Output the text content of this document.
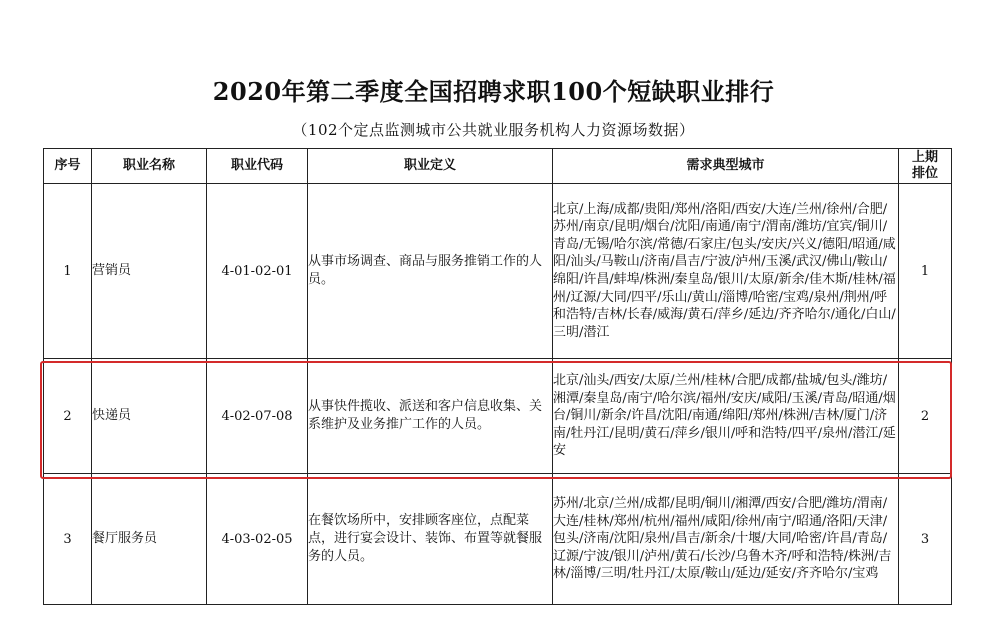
2020年第二季度全国招聘求职100个短缺职业排行
（102个定点监测城市公共就业服务机构人力资源场数据）
序号	职业名称	职业代码	职业定义	需求典型城市	上期
排位

1	营销员	4-01-02-01	从事市场调查、商品与服务推销工作的人员。	北京/上海/成都/贵阳/郑州/洛阳/西安/大连/兰州/徐州/合肥/苏州/南京/昆明/烟台/沈阳/南通/南宁/渭南/潍坊/宜宾/铜川/青岛/无锡/哈尔滨/常德/石家庄/包头/安庆/兴义/德阳/昭通/咸阳/汕头/马鞍山/济南/昌吉/宁波/泸州/玉溪/武汉/佛山/鞍山/绵阳/许昌/蚌埠/株洲/秦皇岛/银川/太原/新余/佳木斯/桂林/福州/辽源/大同/四平/乐山/黄山/淄博/哈密/宝鸡/泉州/荆州/呼和浩特/吉林/长春/威海/黄石/萍乡/延边/齐齐哈尔/通化/白山/三明/潜江	1
2	快递员	4-02-07-08	从事快件揽收、派送和客户信息收集、关系维护及业务推广工作的人员。	北京/汕头/西安/太原/兰州/桂林/合肥/成都/盐城/包头/潍坊/湘潭/秦皇岛/南宁/哈尔滨/福州/安庆/咸阳/玉溪/青岛/昭通/烟台/铜川/新余/许昌/沈阳/南通/绵阳/郑州/株洲/吉林/厦门/济南/牡丹江/昆明/黄石/萍乡/银川/呼和浩特/四平/泉州/潜江/延安	2
3	餐厅服务员	4-03-02-05	在餐饮场所中，安排顾客座位，点配菜点，进行宴会设计、装饰、布置等就餐服务的人员。	苏州/北京/兰州/成都/昆明/铜川/湘潭/西安/合肥/潍坊/渭南/大连/桂林/郑州/杭州/福州/咸阳/徐州/南宁/昭通/洛阳/天津/包头/济南/沈阳/泉州/昌吉/新余/十堰/大同/哈密/许昌/青岛/辽源/宁波/银川/泸州/黄石/长沙/乌鲁木齐/呼和浩特/株洲/吉林/淄博/三明/牡丹江/太原/鞍山/延边/延安/齐齐哈尔/宝鸡	3
